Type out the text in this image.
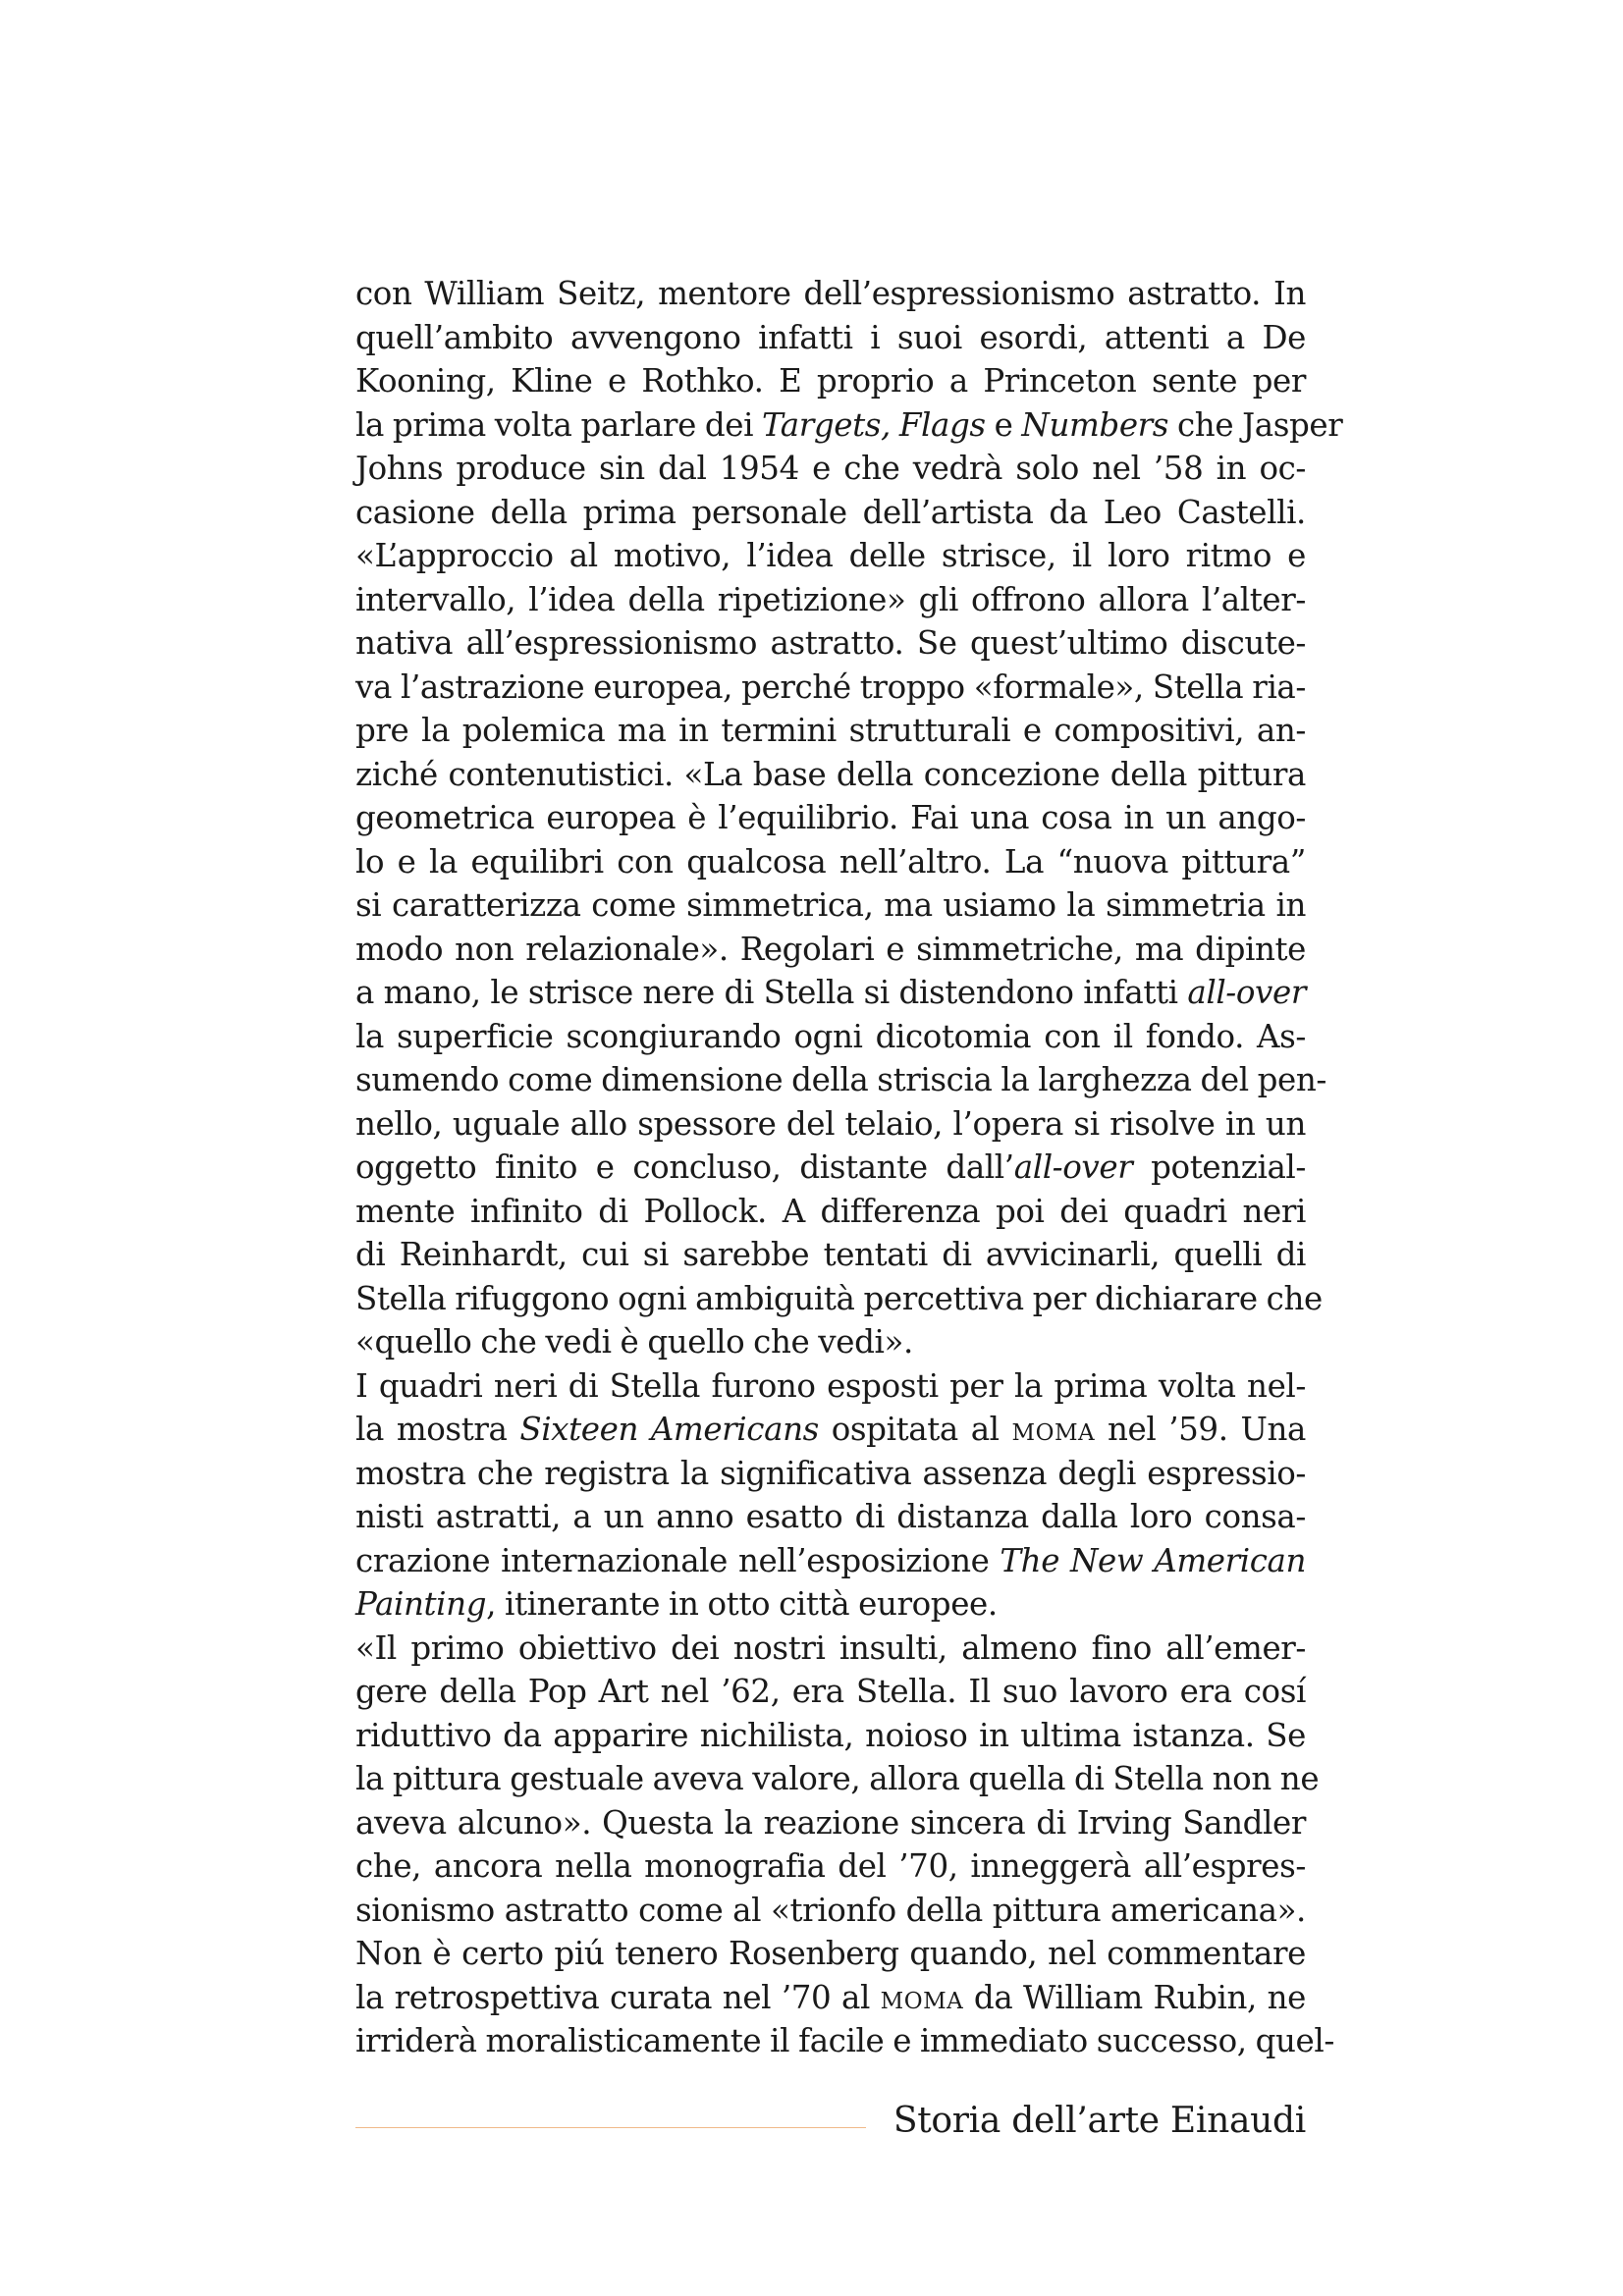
con William Seitz, mentore dell’espressionismo astratto. In
quell’ambito avvengono infatti i suoi esordi, attenti a De
Kooning, Kline e Rothko. E proprio a Princeton sente per
la prima volta parlare dei Targets, Flags e Numbers che Jasper
Johns produce sin dal 1954 e che vedrà solo nel ’58 in oc-
casione della prima personale dell’artista da Leo Castelli.
«L’approccio al motivo, l’idea delle strisce, il loro ritmo e
intervallo, l’idea della ripetizione» gli offrono allora l’alter-
nativa all’espressionismo astratto. Se quest’ultimo discute-
va l’astrazione europea, perché troppo «formale», Stella ria-
pre la polemica ma in termini strutturali e compositivi, an-
ziché contenutistici. «La base della concezione della pittura
geometrica europea è l’equilibrio. Fai una cosa in un ango-
lo e la equilibri con qualcosa nell’altro. La “nuova pittura”
si caratterizza come simmetrica, ma usiamo la simmetria in
modo non relazionale». Regolari e simmetriche, ma dipinte
a mano, le strisce nere di Stella si distendono infatti all-over
la superficie scongiurando ogni dicotomia con il fondo. As-
sumendo come dimensione della striscia la larghezza del pen-
nello, uguale allo spessore del telaio, l’opera si risolve in un
oggetto finito e concluso, distante dall’all-over potenzial-
mente infinito di Pollock. A differenza poi dei quadri neri
di Reinhardt, cui si sarebbe tentati di avvicinarli, quelli di
Stella rifuggono ogni ambiguità percettiva per dichiarare che
«quello che vedi è quello che vedi».
I quadri neri di Stella furono esposti per la prima volta nel-
la mostra Sixteen Americans ospitata al moma nel ’59. Una
mostra che registra la significativa assenza degli espressio-
nisti astratti, a un anno esatto di distanza dalla loro consa-
crazione internazionale nell’esposizione The New American
Painting, itinerante in otto città europee.
«Il primo obiettivo dei nostri insulti, almeno fino all’emer-
gere della Pop Art nel ’62, era Stella. Il suo lavoro era cosí
riduttivo da apparire nichilista, noioso in ultima istanza. Se
la pittura gestuale aveva valore, allora quella di Stella non ne
aveva alcuno». Questa la reazione sincera di Irving Sandler
che, ancora nella monografia del ’70, inneggerà all’espres-
sionismo astratto come al «trionfo della pittura americana».
Non è certo piú tenero Rosenberg quando, nel commentare
la retrospettiva curata nel ’70 al moma da William Rubin, ne
irriderà moralisticamente il facile e immediato successo, quel-
Storia dell’arte Einaudi
